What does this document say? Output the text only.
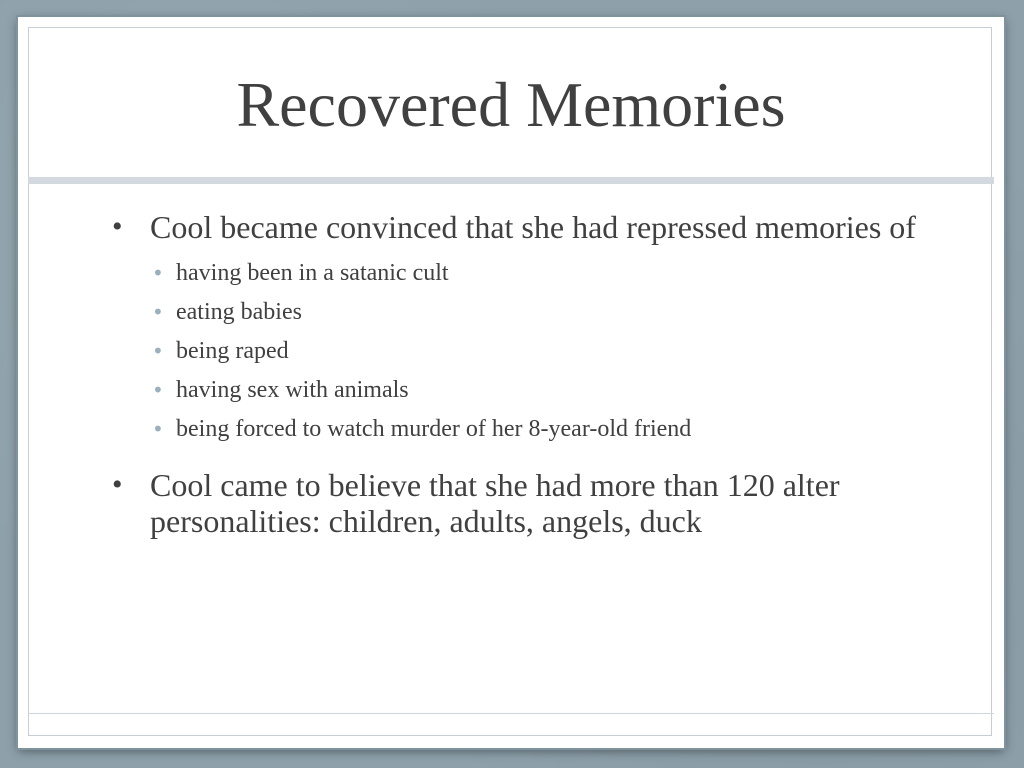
Recovered Memories
• Cool became convinced that she had repressed memories of
• having been in a satanic cult
• eating babies
• being raped
• having sex with animals
• being forced to watch murder of her 8-year-old friend
• Cool came to believe that she had more than 120 alter personalities: children, adults, angels, duck
